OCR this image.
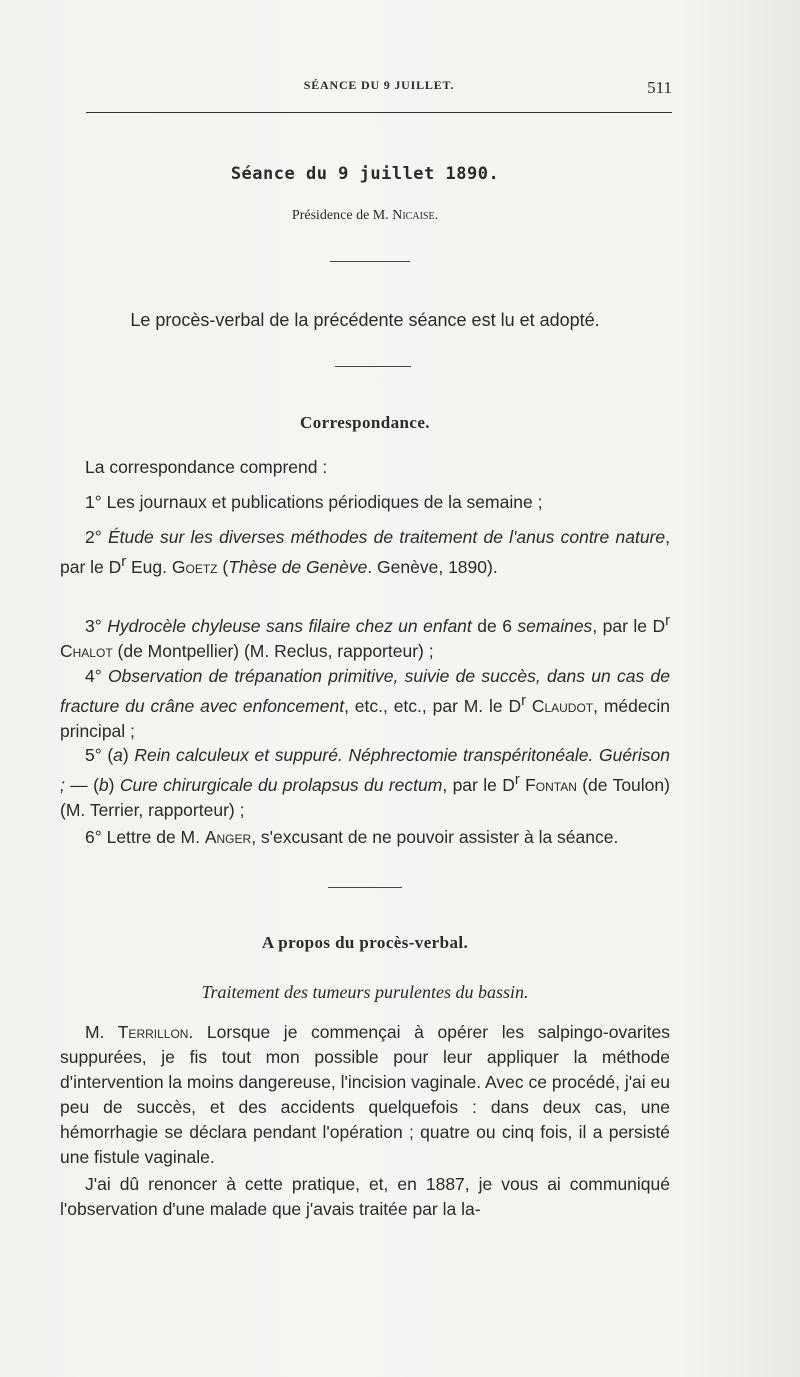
SÉANCE DU 9 JUILLET.	511
Séance du 9 juillet 1890.
Présidence de M. Nicaise.
Le procès-verbal de la précédente séance est lu et adopté.
Correspondance.
La correspondance comprend :
1° Les journaux et publications périodiques de la semaine ;
2° Étude sur les diverses méthodes de traitement de l'anus contre nature, par le $D^r$ Eug. Goetz (Thèse de Genève. Genève, 1890).
3° Hydrocèle chyleuse sans filaire chez un enfant de 6 semaines, par le $D^r$ Chalot (de Montpellier) (M. Reclus, rapporteur) ;
4° Observation de trépanation primitive, suivie de succès, dans un cas de fracture du crâne avec enfoncement, etc., etc., par M. le $D^r$ Claudot, médecin principal ;
5° (a) Rein calculeux et suppuré. Néphrectomie transpéritonéale. Guérison ; — (b) Cure chirurgicale du prolapsus du rectum, par le $D^r$ Fontan (de Toulon) (M. Terrier, rapporteur) ;
6° Lettre de M. Anger, s'excusant de ne pouvoir assister à la séance.
A propos du procès-verbal.
Traitement des tumeurs purulentes du bassin.
M. Terrillon. Lorsque je commençai à opérer les salpingo-ovarites suppurées, je fis tout mon possible pour leur appliquer la méthode d'intervention la moins dangereuse, l'incision vaginale. Avec ce procédé, j'ai eu peu de succès, et des accidents quelquefois : dans deux cas, une hémorrhagie se déclara pendant l'opération ; quatre ou cinq fois, il a persisté une fistule vaginale.
J'ai dû renoncer à cette pratique, et, en 1887, je vous ai communiqué l'observation d'une malade que j'avais traitée par la la-
